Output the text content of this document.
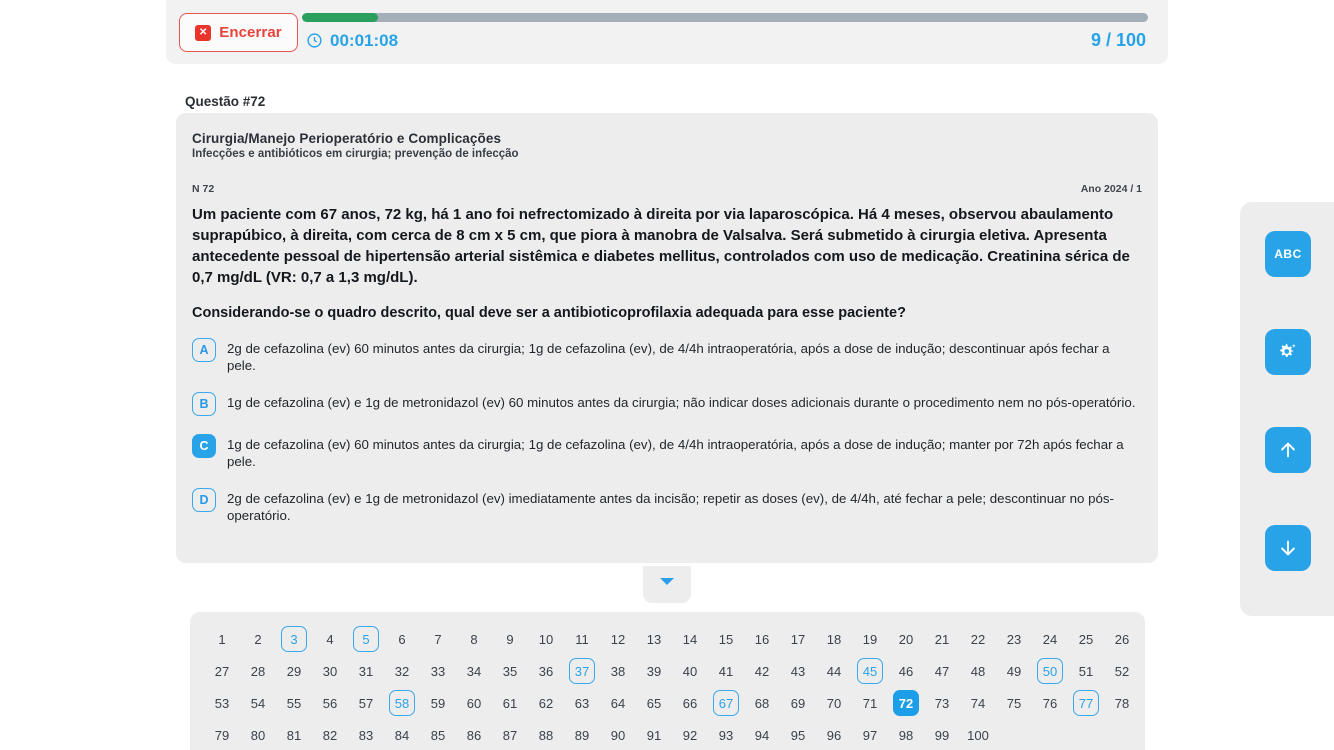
✕ Encerrar	00:01:08	9 / 100
Questão #72
Cirurgia/Manejo Perioperatório e Complicações
Infecções e antibióticos em cirurgia; prevenção de infecção
N 72	Ano 2024 / 1
Um paciente com 67 anos, 72 kg, há 1 ano foi nefrectomizado à direita por via laparoscópica. Há 4 meses, observou abaulamento suprapúbico, à direita, com cerca de 8 cm x 5 cm, que piora à manobra de Valsalva. Será submetido à cirurgia eletiva. Apresenta antecedente pessoal de hipertensão arterial sistêmica e diabetes mellitus, controlados com uso de medicação. Creatinina sérica de 0,7 mg/dL (VR: 0,7 a 1,3 mg/dL).
Considerando-se o quadro descrito, qual deve ser a antibioticoprofilaxia adequada para esse paciente?
A	2g de cefazolina (ev) 60 minutos antes da cirurgia; 1g de cefazolina (ev), de 4/4h intraoperatória, após a dose de indução; descontinuar após fechar a pele.
B	1g de cefazolina (ev) e 1g de metronidazol (ev) 60 minutos antes da cirurgia; não indicar doses adicionais durante o procedimento nem no pós-operatório.
C	1g de cefazolina (ev) 60 minutos antes da cirurgia; 1g de cefazolina (ev), de 4/4h intraoperatória, após a dose de indução; manter por 72h após fechar a pele.
D	2g de cefazolina (ev) e 1g de metronidazol (ev) imediatamente antes da incisão; repetir as doses (ev), de 4/4h, até fechar a pele; descontinuar no pós-operatório.
1	2	3	4	5	6	7	8	9	10	11	12	13	14	15	16	17	18	19	20	21	22	23	24	25	26
27	28	29	30	31	32	33	34	35	36	37	38	39	40	41	42	43	44	45	46	47	48	49	50	51	52
53	54	55	56	57	58	59	60	61	62	63	64	65	66	67	68	69	70	71	72	73	74	75	76	77	78
79	80	81	82	83	84	85	86	87	88	89	90	91	92	93	94	95	96	97	98	99	100
ABC
